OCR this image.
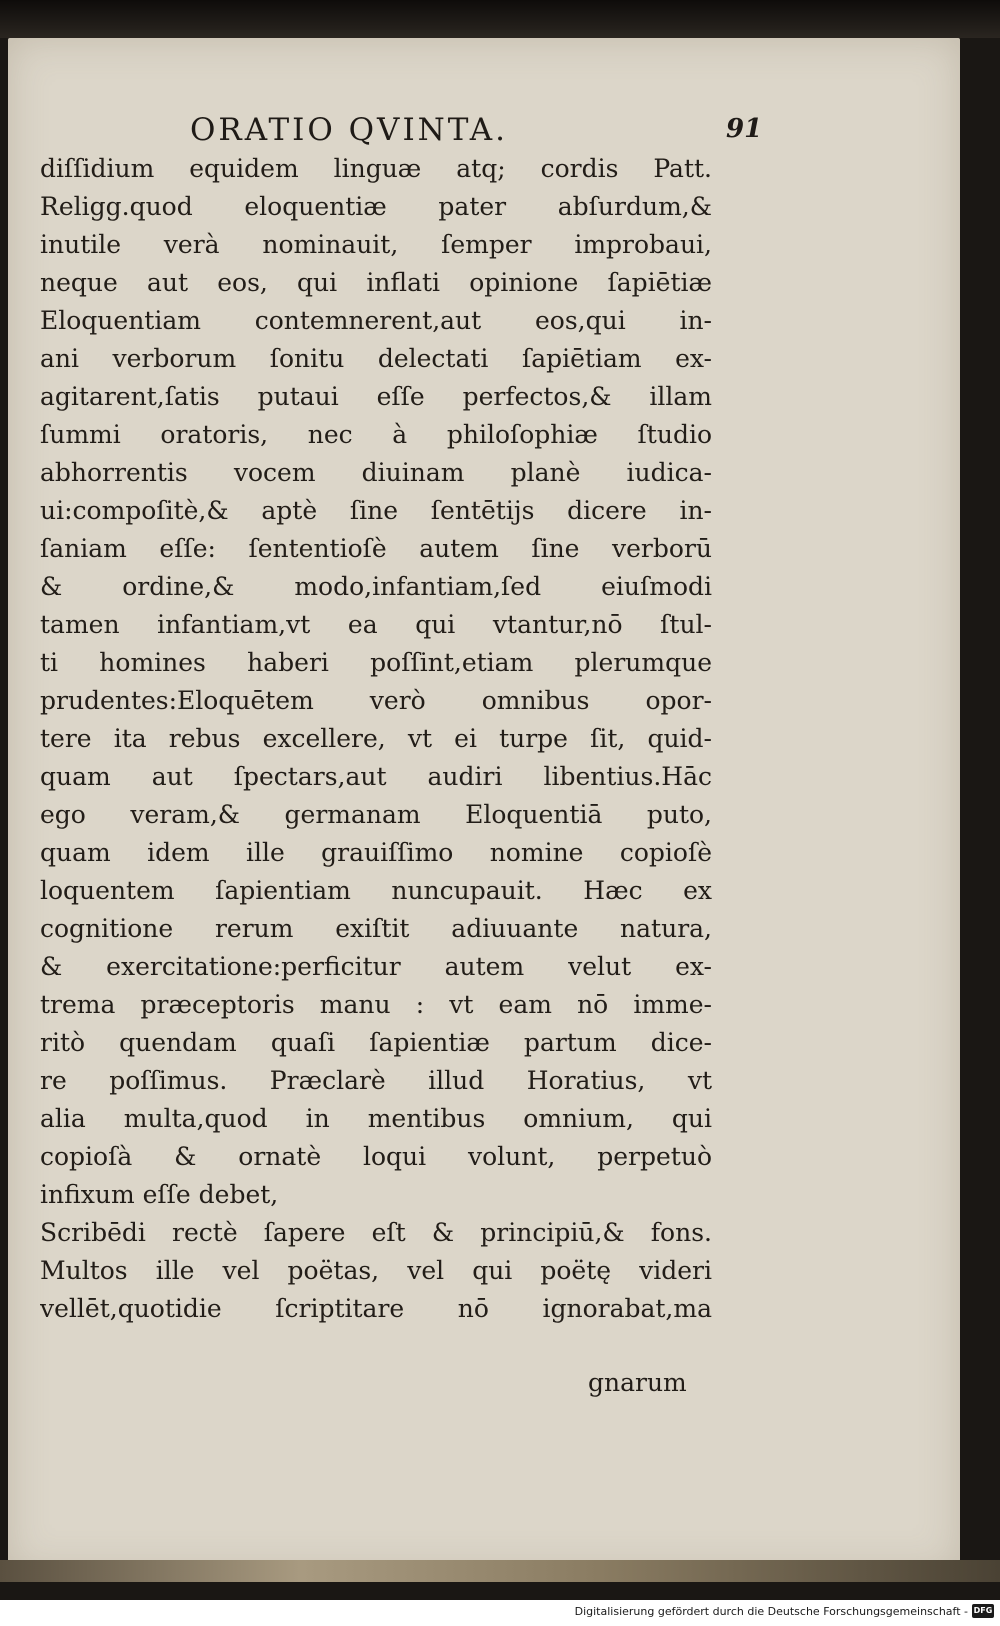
ORATIO QVINTA.	91
diſſidium equidem linguæ atq; cordis Patt.
Religg.quod eloquentiæ pater abſurdum,&
inutile verà nominauit, ſemper improbaui,
neque aut eos, qui inflati opinione ſapiētiæ
Eloquentiam contemnerent,aut eos,qui in-
ani verborum ſonitu delectati ſapiētiam ex-
agitarent,ſatis putaui eſſe perfectos,& illam
ſummi oratoris, nec à philoſophiæ ſtudio
abhorrentis vocem diuinam planè iudica-
ui:compoſitè,& aptè ſine ſentētijs dicere in-
ſaniam eſſe: ſententioſè autem ſine verborū
& ordine,& modo,infantiam,ſed eiuſmodi
tamen infantiam,vt ea qui vtantur,nō ſtul-
ti homines haberi poſſint,etiam plerumque
prudentes:Eloquētem verò omnibus opor-
tere ita rebus excellere, vt ei turpe ſit, quid-
quam aut ſpectars,aut audiri libentius.Hāc
ego veram,& germanam Eloquentiā puto,
quam idem ille grauiſſimo nomine copioſè
loquentem ſapientiam nuncupauit. Hæc ex
cognitione rerum exiſtit adiuuante natura,
& exercitatione:perficitur autem velut ex-
trema præceptoris manu : vt eam nō imme-
ritò quendam quaſi ſapientiæ partum dice-
re poſſimus. Præclarè illud Horatius, vt
alia multa,quod in mentibus omnium, qui
copioſà & ornatè loqui volunt, perpetuò
infixum eſſe debet,
Scribēdi rectè ſapere eſt & principiū,& fons.
Multos ille vel poëtas, vel qui poëtę videri
vellēt,quotidie ſcriptitare nō ignorabat,ma
gnarum
Digitalisierung gefördert durch die Deutsche Forschungsgemeinschaft - DFG
